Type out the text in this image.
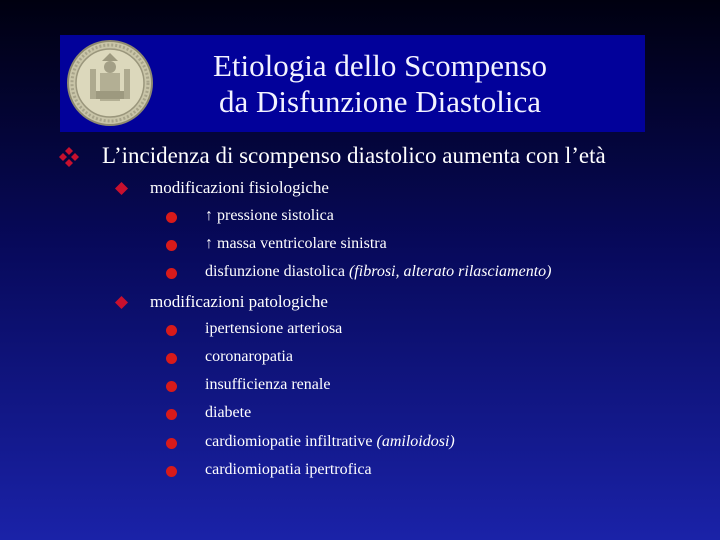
Etiologia dello Scompenso
da Disfunzione Diastolica
L’incidenza di scompenso diastolico aumenta con l’età
modificazioni fisiologiche
↑ pressione sistolica
↑ massa ventricolare sinistra
disfunzione diastolica (fibrosi, alterato rilasciamento)
modificazioni patologiche
ipertensione arteriosa
coronaropatia
insufficienza renale
diabete
cardiomiopatie infiltrative (amiloidosi)
cardiomiopatia ipertrofica
